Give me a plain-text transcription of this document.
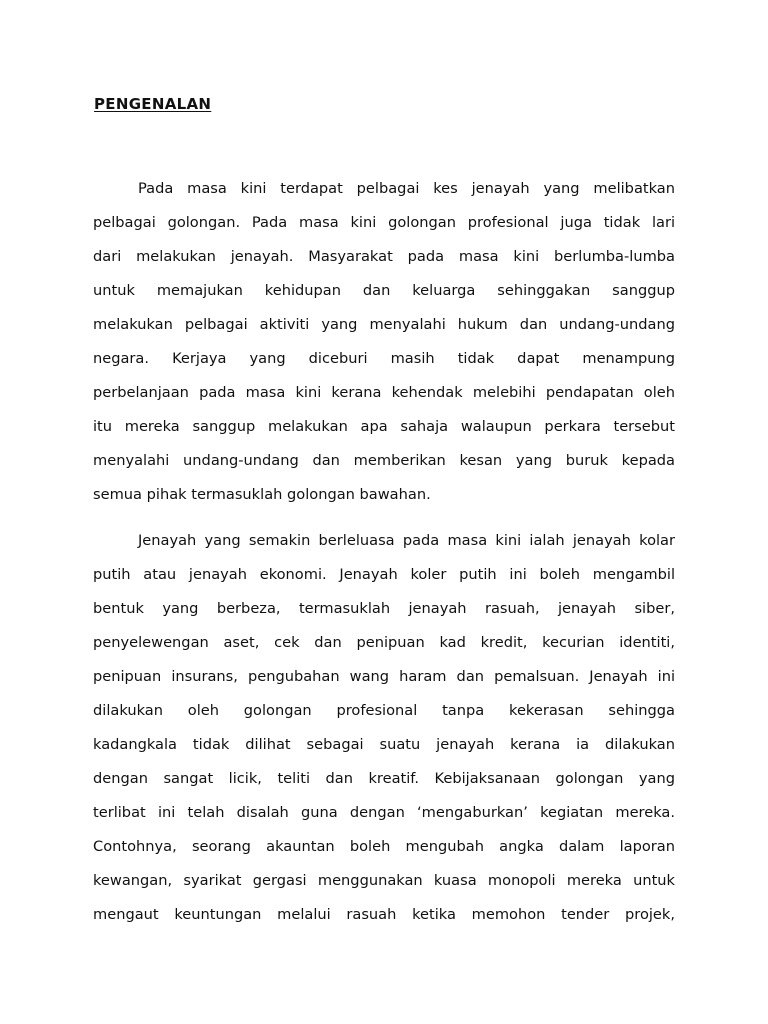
PENGENALAN
Pada masa kini terdapat pelbagai kes jenayah yang melibatkan
pelbagai golongan. Pada masa kini golongan profesional juga tidak lari
dari melakukan jenayah. Masyarakat pada masa kini berlumba-lumba
untuk memajukan kehidupan dan keluarga sehinggakan sanggup
melakukan pelbagai aktiviti yang menyalahi hukum dan undang-undang
negara. Kerjaya yang diceburi masih tidak dapat menampung
perbelanjaan pada masa kini kerana kehendak melebihi pendapatan oleh
itu mereka sanggup melakukan apa sahaja walaupun perkara tersebut
menyalahi undang-undang dan memberikan kesan yang buruk kepada
semua pihak termasuklah golongan bawahan.
Jenayah yang semakin berleluasa pada masa kini ialah jenayah kolar
putih atau jenayah ekonomi. Jenayah koler putih ini boleh mengambil
bentuk yang berbeza, termasuklah jenayah rasuah, jenayah siber,
penyelewengan aset, cek dan penipuan kad kredit, kecurian identiti,
penipuan insurans, pengubahan wang haram dan pemalsuan. Jenayah ini
dilakukan oleh golongan profesional tanpa kekerasan sehingga
kadangkala tidak dilihat sebagai suatu jenayah kerana ia dilakukan
dengan sangat licik, teliti dan kreatif. Kebijaksanaan golongan yang
terlibat ini telah disalah guna dengan ‘mengaburkan’ kegiatan mereka.
Contohnya, seorang akauntan boleh mengubah angka dalam laporan
kewangan, syarikat gergasi menggunakan kuasa monopoli mereka untuk
mengaut keuntungan melalui rasuah ketika memohon tender projek,
